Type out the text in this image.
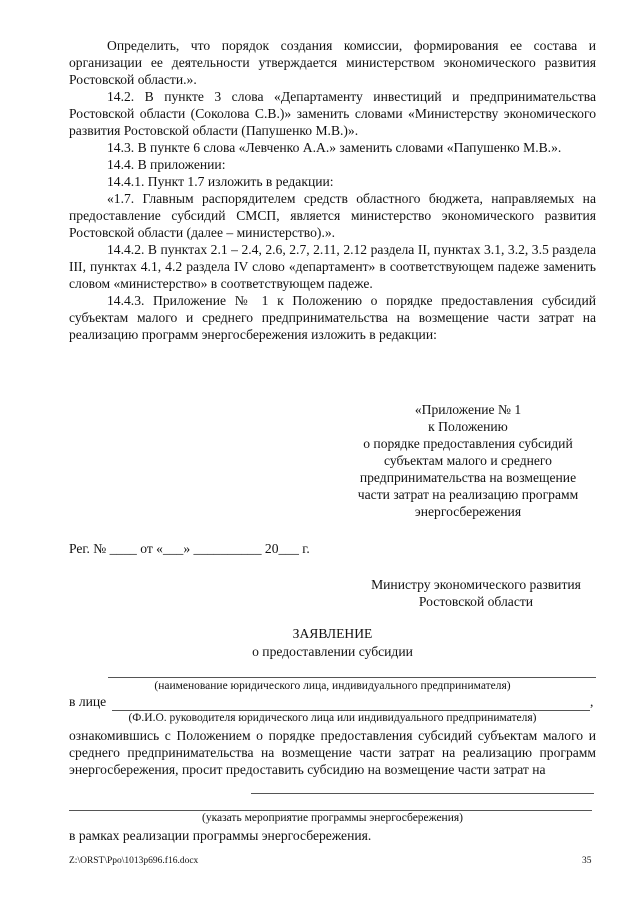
Определить, что порядок создания комиссии, формирования ее состава и организации ее деятельности утверждается министерством экономического развития Ростовской области.».

14.2. В пункте 3 слова «Департаменту инвестиций и предпринимательства Ростовской области (Соколова С.В.)» заменить словами «Министерству экономического развития Ростовской области (Папушенко М.В.)».

14.3. В пункте 6 слова «Левченко А.А.» заменить словами «Папушенко М.В.».

14.4. В приложении:

14.4.1. Пункт 1.7 изложить в редакции:

«1.7. Главным распорядителем средств областного бюджета, направляемых на предоставление субсидий СМСП, является министерство экономического развития Ростовской области (далее – министерство).».

14.4.2. В пунктах 2.1 – 2.4, 2.6, 2.7, 2.11, 2.12 раздела II, пунктах 3.1, 3.2, 3.5 раздела III, пунктах 4.1, 4.2 раздела IV слово «департамент» в соответствующем падеже заменить словом «министерство» в соответствующем падеже.

14.4.3. Приложение № 1 к Положению о порядке предоставления субсидий субъектам малого и среднего предпринимательства на возмещение части затрат на реализацию программ энергосбережения изложить в редакции:

«Приложение № 1
к Положению
о порядке предоставления субсидий
субъектам малого и среднего
предпринимательства на возмещение
части затрат на реализацию программ
энергосбережения
Рег. № ____ от «___» __________ 20___ г.
Министру экономического развития
Ростовской области
ЗАЯВЛЕНИЕ
о предоставлении субсидии
(наименование юридического лица, индивидуального предпринимателя)
в лице	,
(Ф.И.О. руководителя юридического лица или индивидуального предпринимателя)
ознакомившись с Положением о порядке предоставления субсидий субъектам малого и среднего предпринимательства на возмещение части затрат на реализацию программ энергосбережения, просит предоставить субсидию на возмещение части затрат на
(указать мероприятие программы энергосбережения)
в рамках реализации программы энергосбережения.
Z:\ORST\Ppo\1013p696.f16.docx	35
